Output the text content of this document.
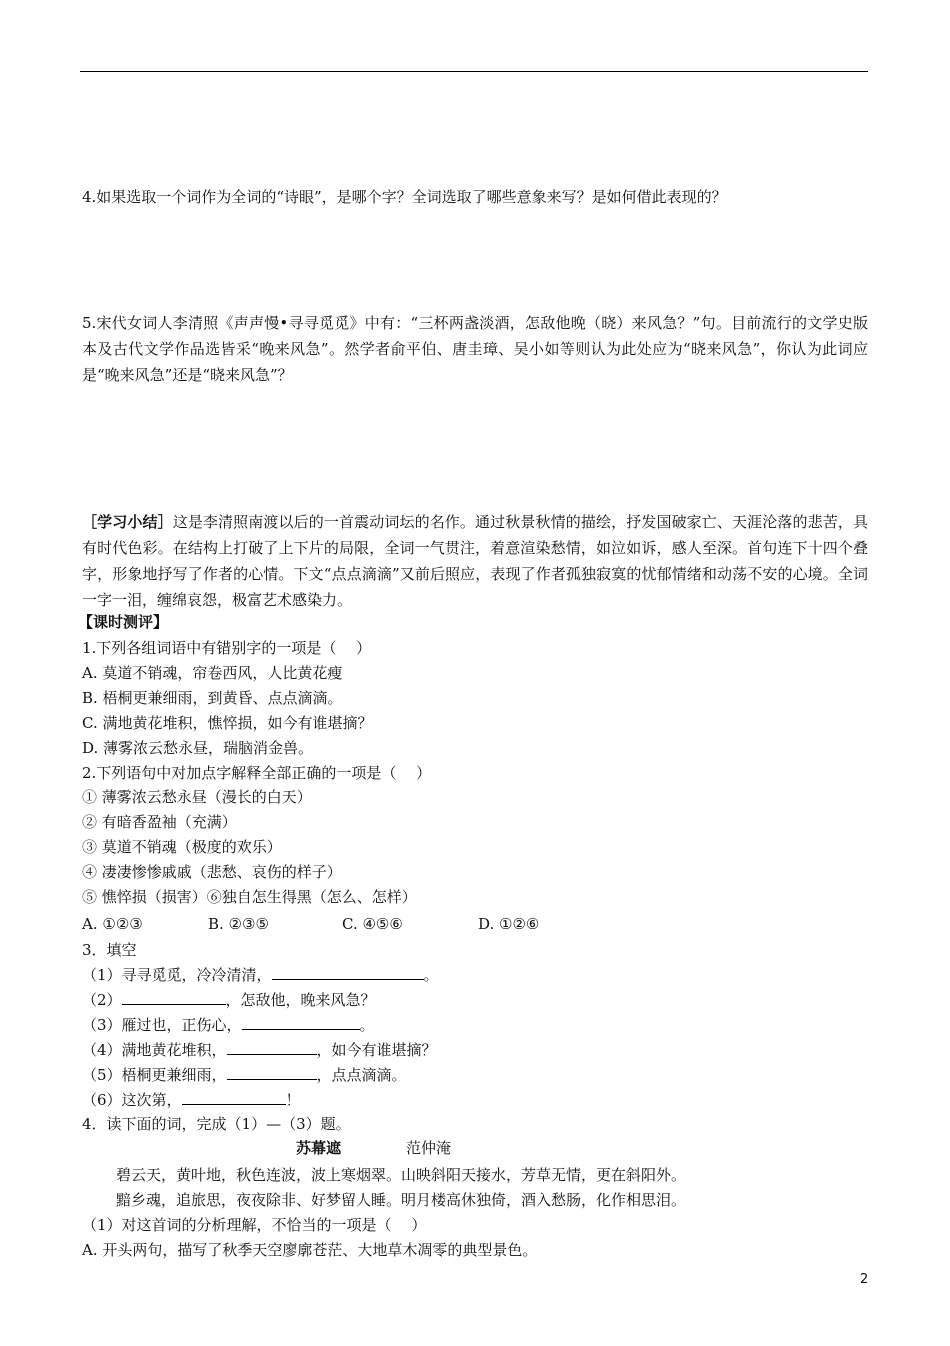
4.如果选取一个词作为全词的“诗眼”，是哪个字？全词选取了哪些意象来写？是如何借此表现的？
5.宋代女词人李清照《声声慢•寻寻觅觅》中有：“三杯两盏淡酒，怎敌他晚（晓）来风急？”句。目前流行的文学史版本及古代文学作品选皆采“晚来风急”。然学者俞平伯、唐圭璋、吴小如等则认为此处应为“晓来风急”，你认为此词应是“晚来风急”还是“晓来风急”？
［学习小结］这是李清照南渡以后的一首震动词坛的名作。通过秋景秋情的描绘，抒发国破家亡、天涯沦落的悲苦，具有时代色彩。在结构上打破了上下片的局限，全词一气贯注，着意渲染愁情，如泣如诉，感人至深。首句连下十四个叠字，形象地抒写了作者的心情。下文“点点滴滴”又前后照应，表现了作者孤独寂寞的忧郁情绪和动荡不安的心境。全词一字一泪，缠绵哀怨，极富艺术感染力。
【课时测评】
1.下列各组词语中有错别字的一项是（　 ）
A. 莫道不销魂，帘卷西风，人比黄花瘦
B. 梧桐更兼细雨，到黄昏、点点滴滴。
C. 满地黄花堆积，憔悴损，如今有谁堪摘？
D. 薄雾浓云愁永昼，瑞脑消金兽。
2.下列语句中对加点字解释全部正确的一项是（　 ）
① 薄雾浓云愁永昼（漫长的白天）
② 有暗香盈袖（充满）
③ 莫道不销魂（极度的欢乐）
④ 凄凄惨惨戚戚（悲愁、哀伤的样子）
⑤ 憔悴损（损害）⑥独自怎生得黑（怎么、怎样）
A. ①②③	B. ②③⑤	C. ④⑤⑥	D. ①②⑥
3．填空
（1）寻寻觅觅，冷冷清清，	。
（2）	，怎敌他，晚来风急？
（3）雁过也，正伤心，	。
（4）满地黄花堆积，	，如今有谁堪摘？
（5）梧桐更兼细雨，	，点点滴滴。
（6）这次第，	！
4．读下面的词，完成（1）—（3）题。
苏幕遮	范仲淹
碧云天，黄叶地，秋色连波，波上寒烟翠。山映斜阳天接水，芳草无情，更在斜阳外。
黯乡魂，追旅思，夜夜除非、好梦留人睡。明月楼高休独倚，酒入愁肠，化作相思泪。
（1）对这首词的分析理解，不恰当的一项是（　 ）
A. 开头两句，描写了秋季天空廖廓苍茫、大地草木凋零的典型景色。
2
